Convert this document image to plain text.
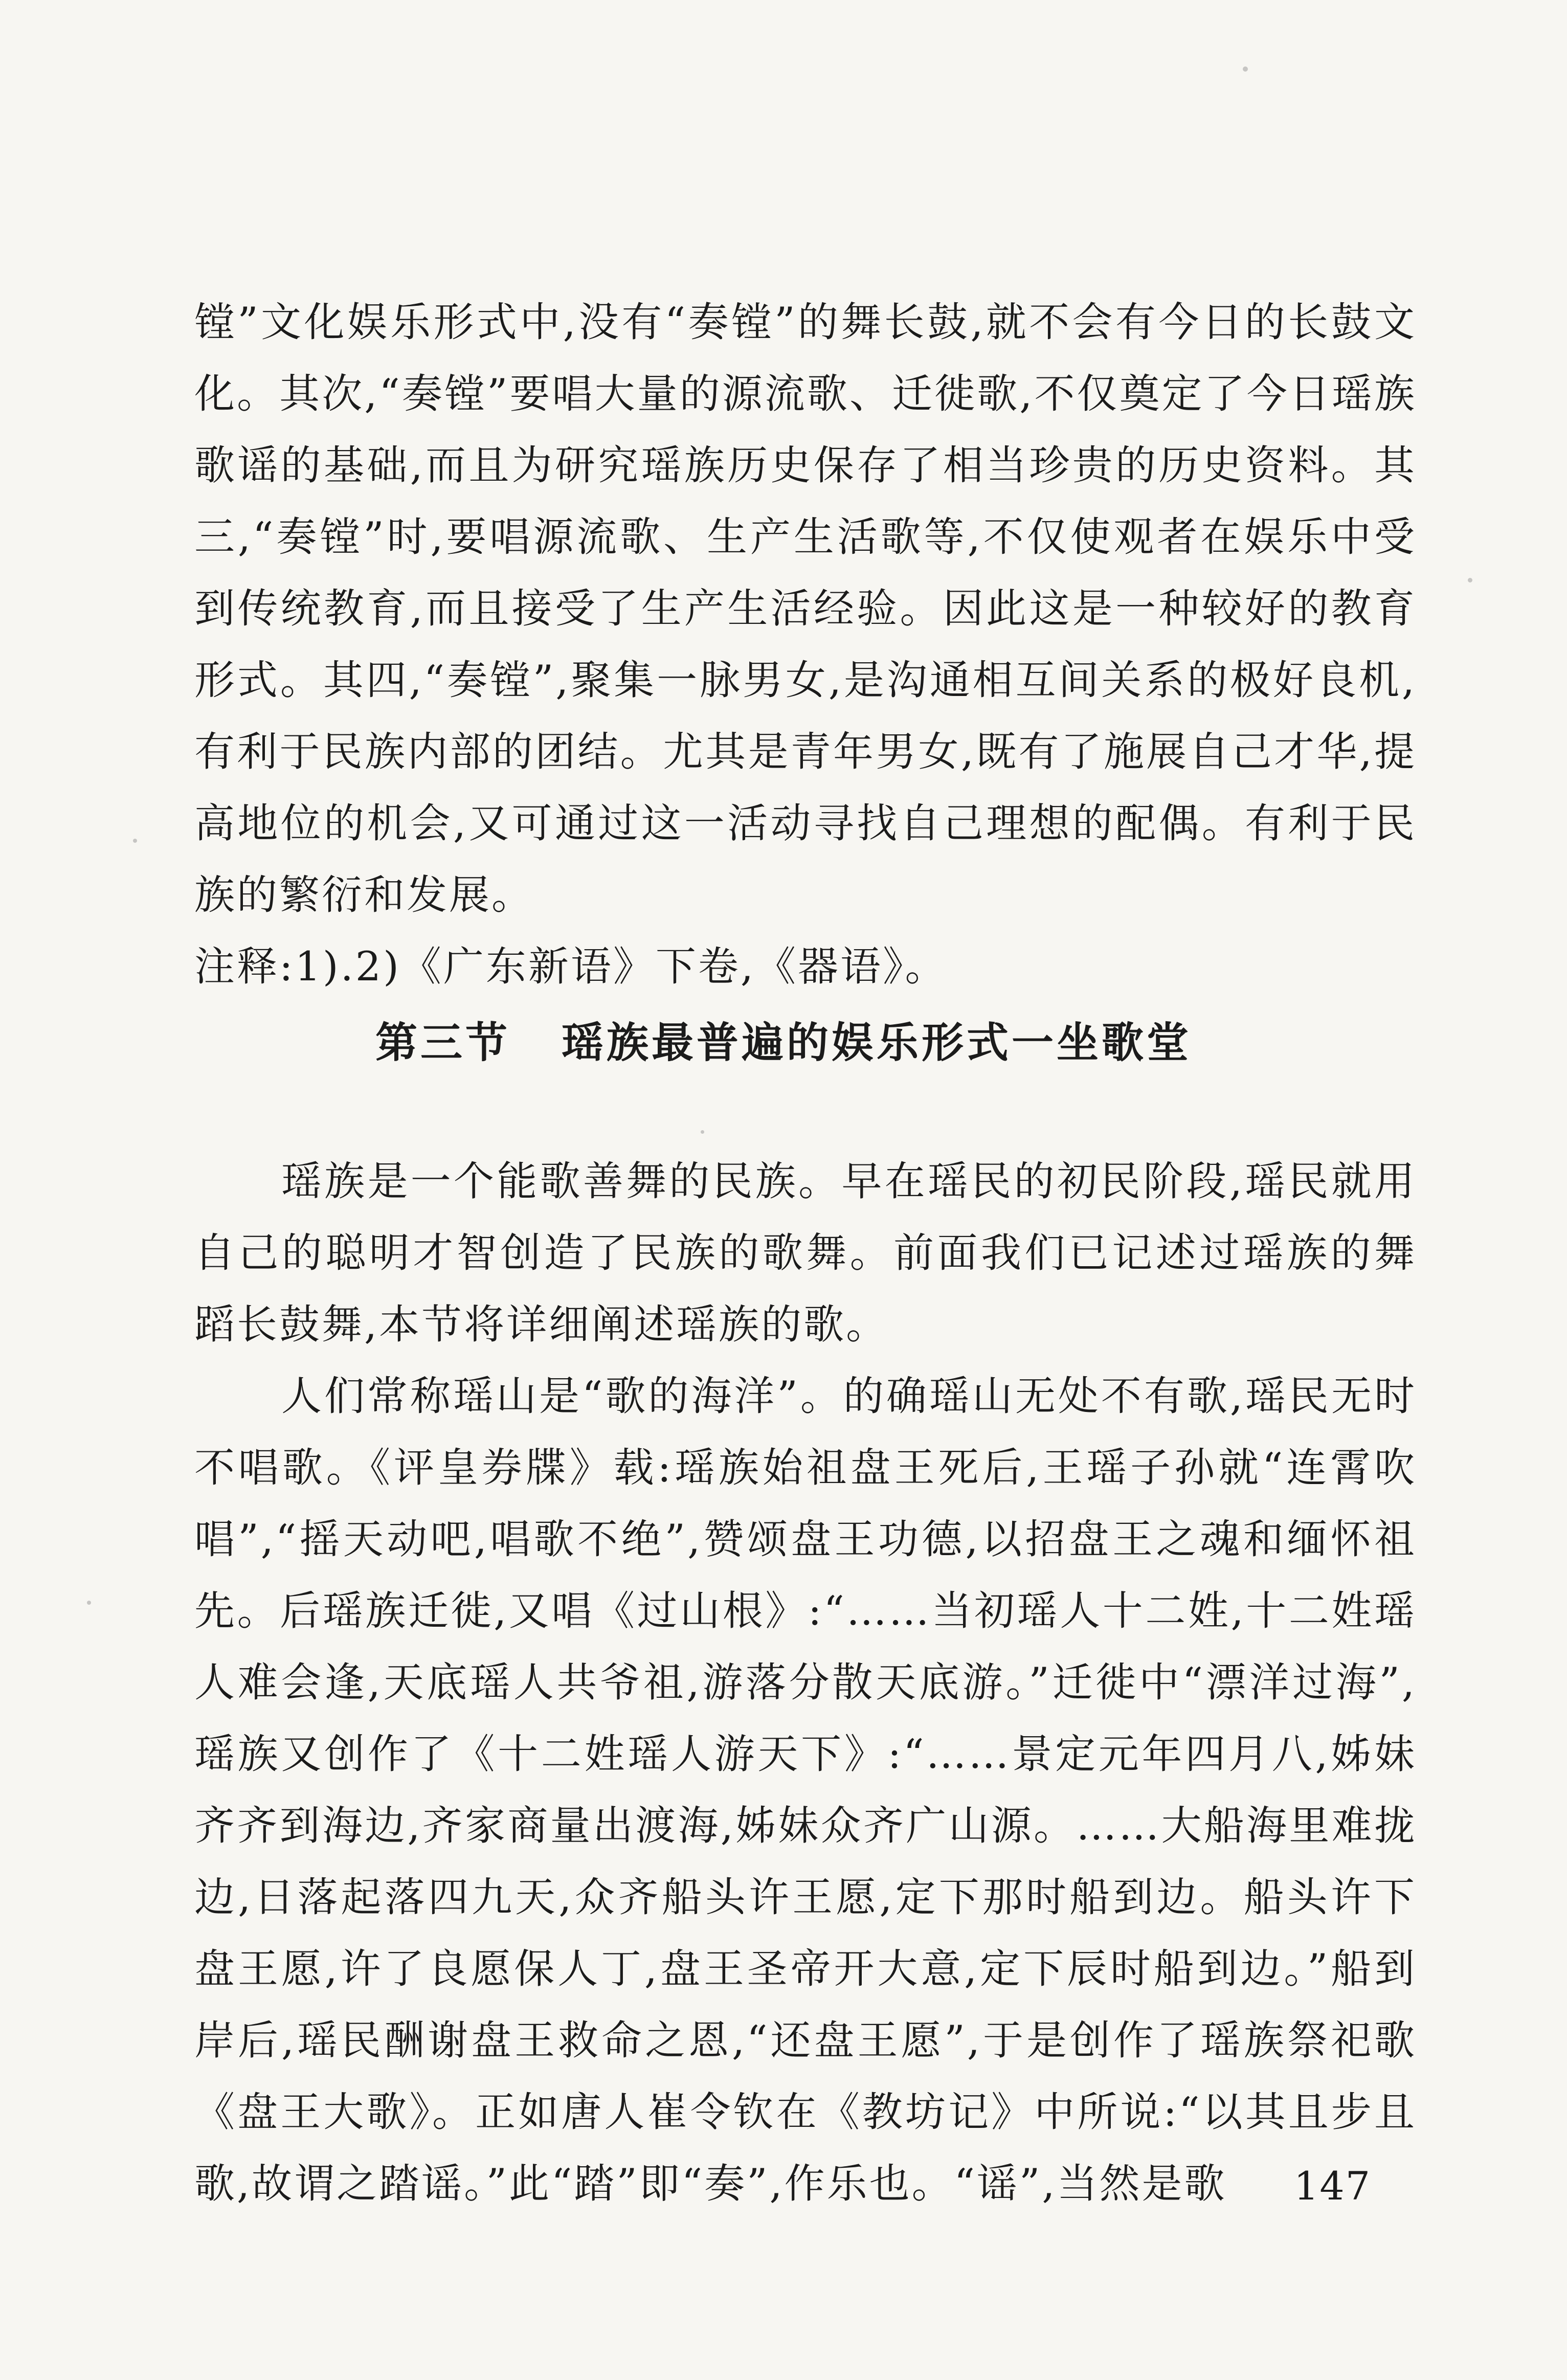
镗”文化娱乐形式中,没有“奏镗”的舞长鼓,就不会有今日的长鼓文化。其次,“奏镗”要唱大量的源流歌、迁徙歌,不仅奠定了今日瑶族歌谣的基础,而且为研究瑶族历史保存了相当珍贵的历史资料。其三,“奏镗”时,要唱源流歌、生产生活歌等,不仅使观者在娱乐中受到传统教育,而且接受了生产生活经验。因此这是一种较好的教育形式。其四,“奏镗”,聚集一脉男女,是沟通相互间关系的极好良机,有利于民族内部的团结。尤其是青年男女,既有了施展自己才华,提高地位的机会,又可通过这一活动寻找自己理想的配偶。有利于民族的繁衍和发展。

注释:1).2)《广东新语》下卷,《器语》。

第三节 瑶族最普遍的娱乐形式一坐歌堂

瑶族是一个能歌善舞的民族。早在瑶民的初民阶段,瑶民就用自己的聪明才智创造了民族的歌舞。前面我们已记述过瑶族的舞蹈长鼓舞,本节将详细阐述瑶族的歌。

人们常称瑶山是“歌的海洋”。的确瑶山无处不有歌,瑶民无时不唱歌。《评皇券牒》载:瑶族始祖盘王死后,王瑶子孙就“连霄吹唱”,“摇天动吧,唱歌不绝”,赞颂盘王功德,以招盘王之魂和缅怀祖先。后瑶族迁徙,又唱《过山根》:“……当初瑶人十二姓,十二姓瑶人难会逢,天底瑶人共爷祖,游落分散天底游。”迁徙中“漂洋过海”,瑶族又创作了《十二姓瑶人游天下》:“……景定元年四月八,姊妹齐齐到海边,齐家商量出渡海,姊妹众齐广山源。……大船海里难拢边,日落起落四九天,众齐船头许王愿,定下那时船到边。船头许下盘王愿,许了良愿保人丁,盘王圣帝开大意,定下辰时船到边。”船到岸后,瑶民酬谢盘王救命之恩,“还盘王愿”,于是创作了瑶族祭祀歌《盘王大歌》。正如唐人崔令钦在《教坊记》中所说:“以其且步且歌,故谓之踏谣。”此“踏”即“奏”,作乐也。“谣”,当然是歌	147
